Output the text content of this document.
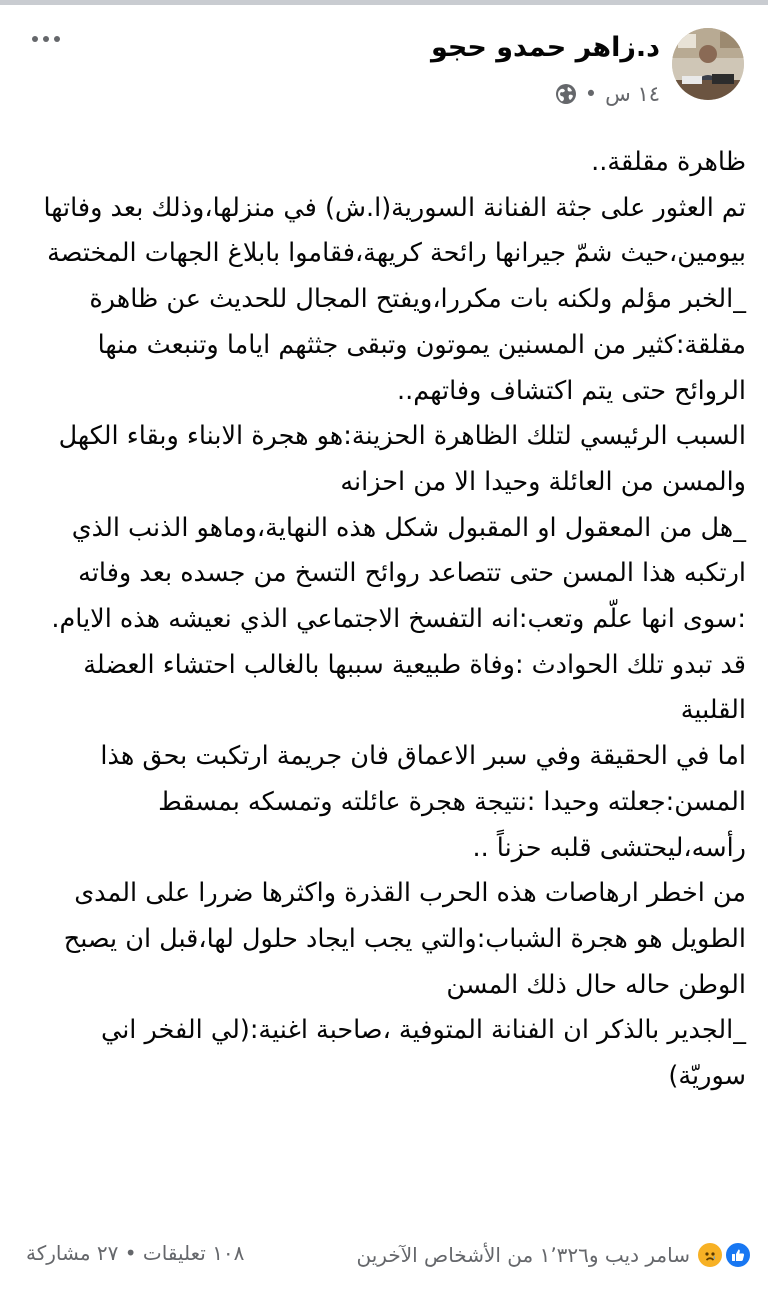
د.زاهر حمدو حجو
١٤ س
•

ظاهرة مقلقة..

تم العثور على جثة الفنانة السورية(ا.ش) في منزلها،وذلك بعد وفاتها بيومين،حيث شمّ جيرانها رائحة كريهة،فقاموا بابلاغ الجهات المختصة

_الخبر مؤلم ولكنه بات مكررا،ويفتح المجال للحديث عن ظاهرة مقلقة:كثير من المسنين يموتون وتبقى جثثهم اياما وتنبعث منها الروائح حتى يتم اكتشاف وفاتهم..

السبب الرئيسي لتلك الظاهرة الحزينة:هو هجرة الابناء وبقاء الكهل والمسن من العائلة وحيدا الا من احزانه

_هل من المعقول او المقبول شكل هذه النهاية،وماهو الذنب الذي ارتكبه هذا المسن حتى تتصاعد روائح التسخ من جسده بعد وفاته :سوى انها علّم وتعب:انه التفسخ الاجتماعي الذي نعيشه هذه الايام.

قد تبدو تلك الحوادث :وفاة طبيعية سببها بالغالب احتشاء العضلة القلبية

اما في الحقيقة وفي سبر الاعماق فان جريمة ارتكبت بحق هذا المسن:جعلته وحيدا :نتيجة هجرة عائلته وتمسكه بمسقط رأسه،ليحتشى قلبه حزناً ..

من اخطر ارهاصات هذه الحرب القذرة واكثرها ضررا على المدى الطويل هو هجرة الشباب:والتي يجب ايجاد حلول لها،قبل ان يصبح الوطن حاله حال ذلك المسن

_الجدير بالذكر ان الفنانة المتوفية ،صاحبة اغنية:(لي الفخر اني سوريّة)

سامر ديب و١٬٣٢٦ من الأشخاص الآخرين
١٠٨ تعليقات • ٢٧ مشاركة
